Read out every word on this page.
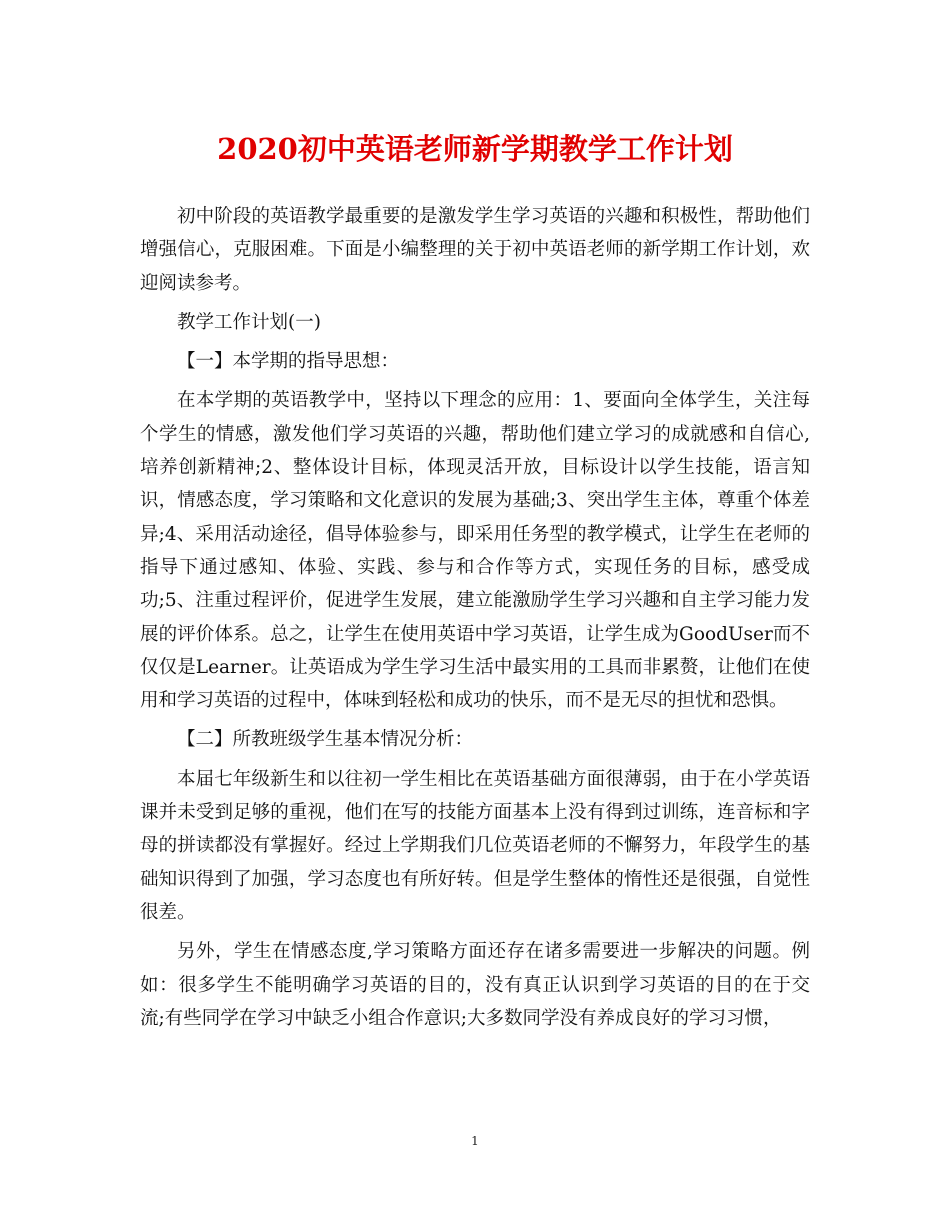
2020初中英语老师新学期教学工作计划

初中阶段的英语教学最重要的是激发学生学习英语的兴趣和积极性，帮助他们增强信心，克服困难。下面是小编整理的关于初中英语老师的新学期工作计划，欢迎阅读参考。

教学工作计划(一)

【一】本学期的指导思想：

在本学期的英语教学中，坚持以下理念的应用：1、要面向全体学生，关注每个学生的情感，激发他们学习英语的兴趣，帮助他们建立学习的成就感和自信心,培养创新精神;2、整体设计目标，体现灵活开放，目标设计以学生技能，语言知识，情感态度，学习策略和文化意识的发展为基础;3、突出学生主体，尊重个体差异;4、采用活动途径，倡导体验参与，即采用任务型的教学模式，让学生在老师的指导下通过感知、体验、实践、参与和合作等方式，实现任务的目标，感受成功;5、注重过程评价，促进学生发展，建立能激励学生学习兴趣和自主学习能力发展的评价体系。总之，让学生在使用英语中学习英语，让学生成为GoodUser而不仅仅是Learner。让英语成为学生学习生活中最实用的工具而非累赘，让他们在使用和学习英语的过程中，体味到轻松和成功的快乐，而不是无尽的担忧和恐惧。

【二】所教班级学生基本情况分析：

本届七年级新生和以往初一学生相比在英语基础方面很薄弱，由于在小学英语课并未受到足够的重视，他们在写的技能方面基本上没有得到过训练，连音标和字母的拼读都没有掌握好。经过上学期我们几位英语老师的不懈努力，年段学生的基础知识得到了加强，学习态度也有所好转。但是学生整体的惰性还是很强，自觉性很差。

另外，学生在情感态度,学习策略方面还存在诸多需要进一步解决的问题。例如：很多学生不能明确学习英语的目的，没有真正认识到学习英语的目的在于交流;有些同学在学习中缺乏小组合作意识;大多数同学没有养成良好的学习习惯，

1
